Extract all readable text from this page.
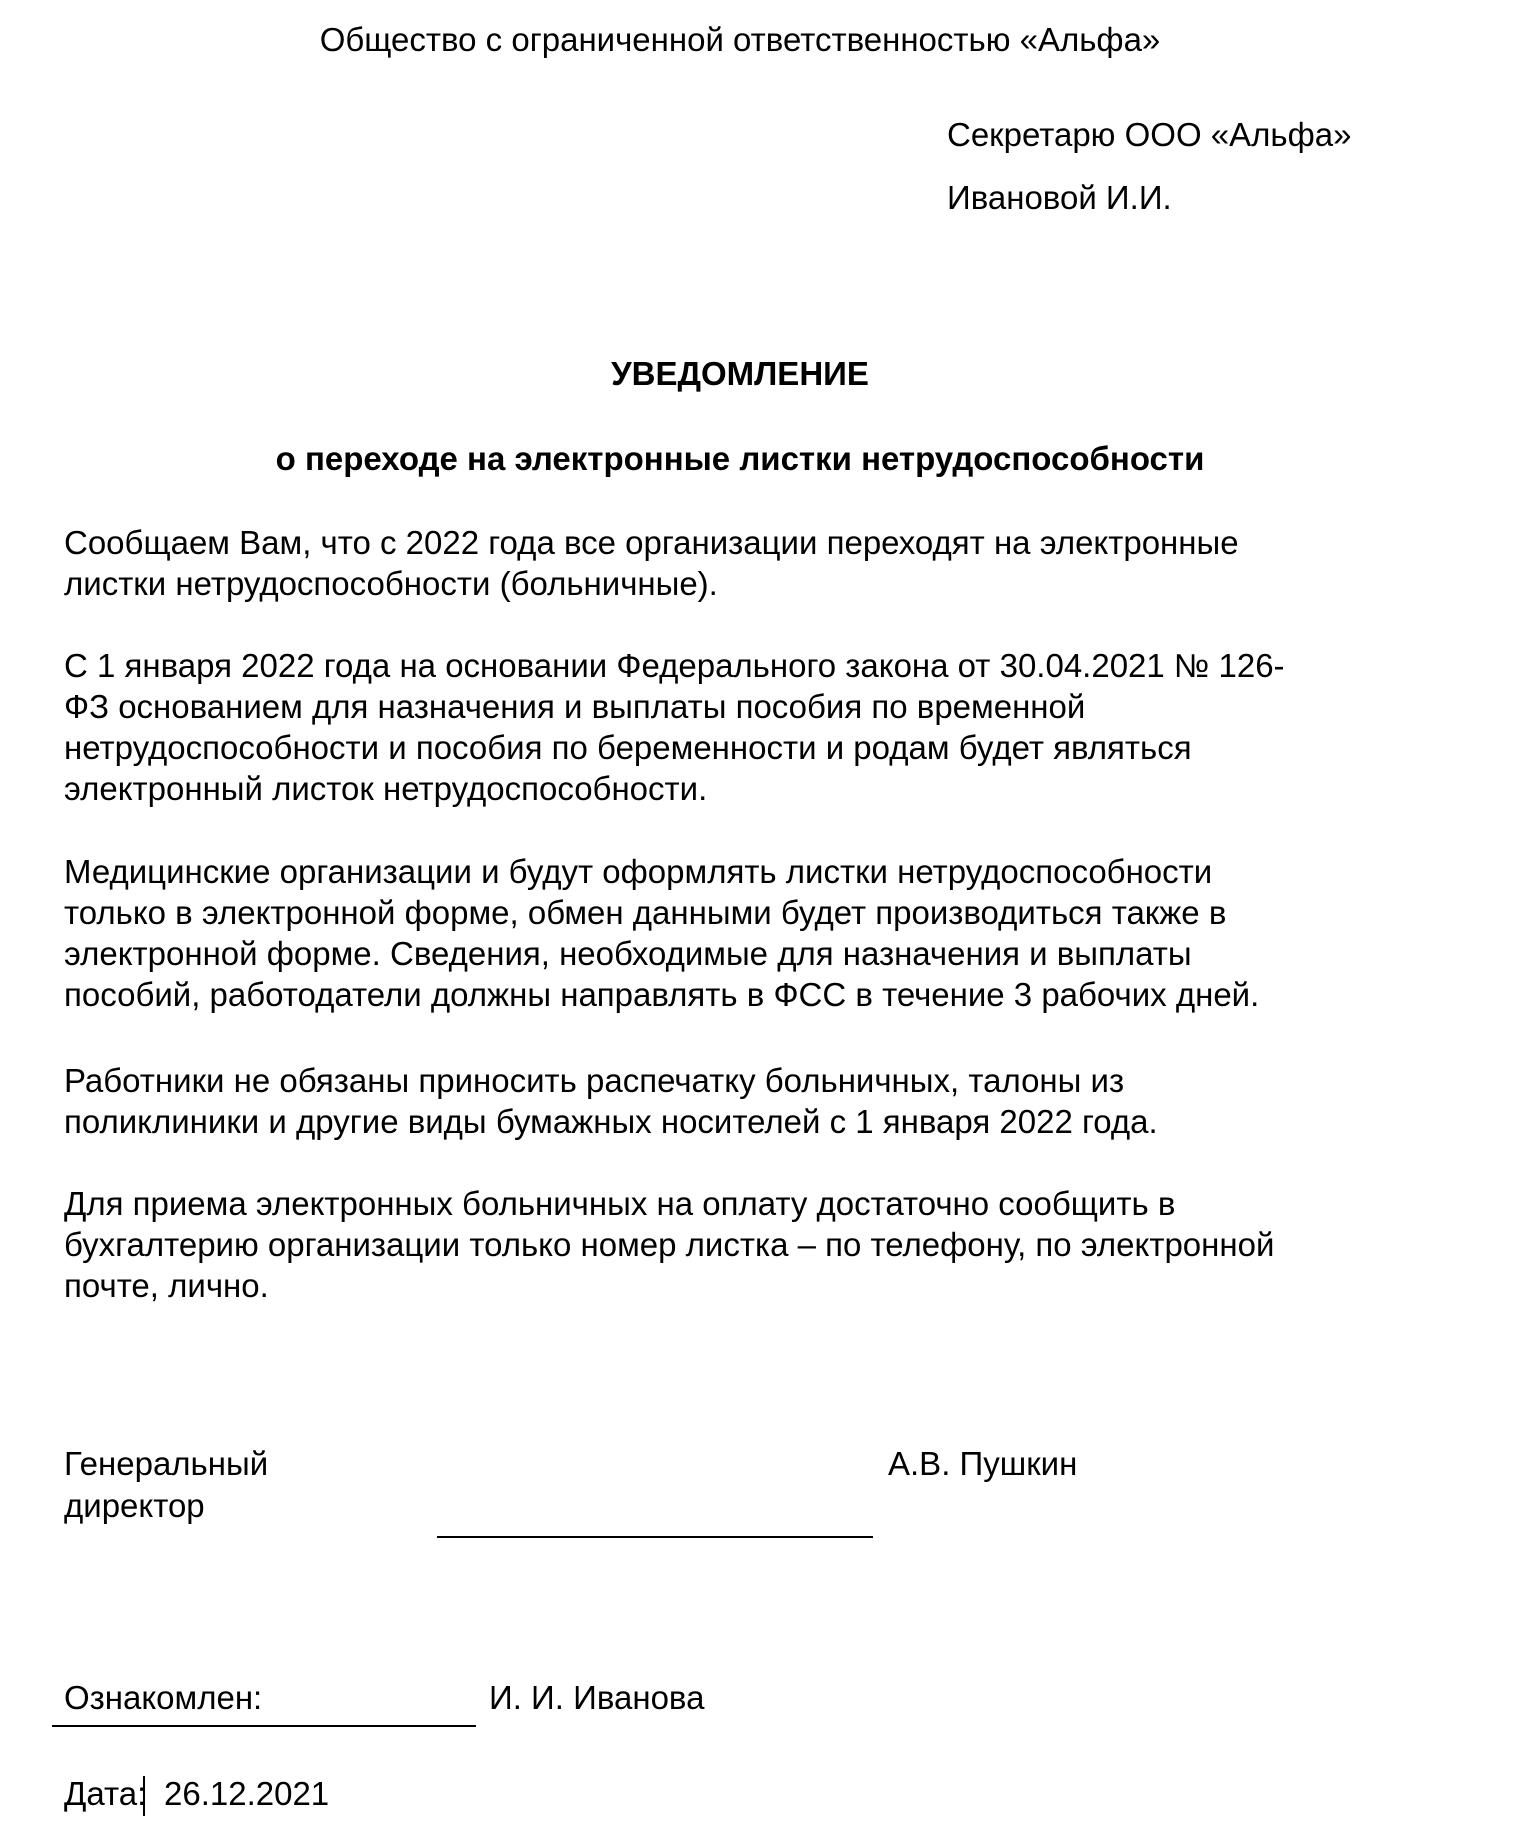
Общество с ограниченной ответственностью «Альфа»
Секретарю ООО «Альфа»
Ивановой И.И.
УВЕДОМЛЕНИЕ
о переходе на электронные листки нетрудоспособности
Сообщаем Вам, что с 2022 года все организации переходят на электронные
листки нетрудоспособности (больничные).
С 1 января 2022 года на основании Федерального закона от 30.04.2021 № 126-
ФЗ основанием для назначения и выплаты пособия по временной
нетрудоспособности и пособия по беременности и родам будет являться
электронный листок нетрудоспособности.
Медицинские организации и будут оформлять листки нетрудоспособности
только в электронной форме, обмен данными будет производиться также в
электронной форме. Сведения, необходимые для назначения и выплаты
пособий, работодатели должны направлять в ФСС в течение 3 рабочих дней.
Работники не обязаны приносить распечатку больничных, талоны из
поликлиники и другие виды бумажных носителей с 1 января 2022 года.
Для приема электронных больничных на оплату достаточно сообщить в
бухгалтерию организации только номер листка – по телефону, по электронной
почте, лично.
Генеральный
директор
А.В. Пушкин
Ознакомлен:	И. И. Иванова
Дата: 26.12.2021
